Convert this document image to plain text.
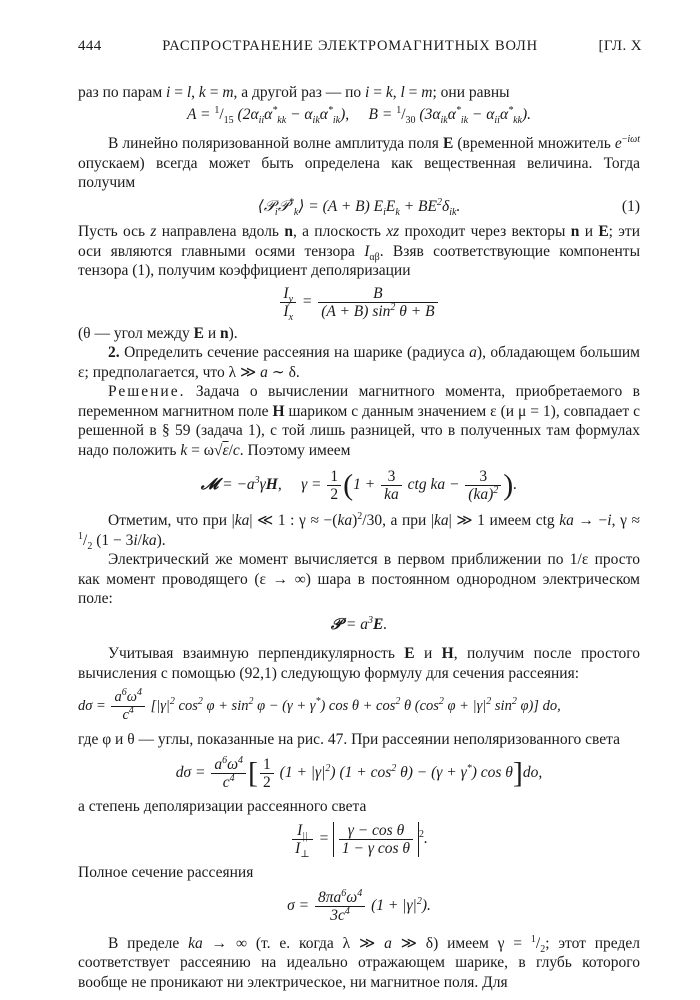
444	РАСПРОСТРАНЕНИЕ ЭЛЕКТРОМАГНИТНЫХ ВОЛН	[ГЛ. X

раз по парам i = l, k = m, а другой раз — по i = k, l = m; они равны

$A = ^1/_{15}$ $(2\alpha_{ii}\alpha^*_{kk} - \alpha_{ik}\alpha^*_{ik})$,     $B = ^1/_{30}$ $(3\alpha_{ik}\alpha^*_{ik} - \alpha_{ii}\alpha^*_{kk})$.

В линейно поляризованной волне амплитуда поля E (временной множитель $e^{-i\omega t}$ опускаем) всегда может быть определена как вещественная величина. Тогда получим

⟨𝒫$_i$𝒫*$_k$⟩ = (A + B) $E_iE_k + BE^2\delta_{ik}$.	(1)

Пусть ось z направлена вдоль n, а плоскость xz проходит через векторы n и E; эти оси являются главными осями тензора $I_{\alpha\beta}$. Взяв соответствующие компоненты тензора (1), получим коэффициент деполяризации

$\frac{I_y}{I_x} = \frac{B}{(A + B) \sin^2 \theta + B}$

(θ — угол между E и n).

2. Определить сечение рассеяния на шарике (радиуса a), обладающем большим ε; предполагается, что λ ≫ a ∼ δ.

Решение. Задача о вычислении магнитного момента, приобретаемого в переменном магнитном поле H шариком с данным значением ε (и μ = 1), совпадает с решенной в § 59 (задача 1), с той лишь разницей, что в полученных там формулах надо положить k = ω√ε/c. Поэтому имеем

𝓜 = $-a^3\gamma H$,     $\gamma = \frac{1}{2} (1 + \frac{3}{ka}$ ctg ka − $\frac{3}{(ka)^2}$ ).

Отметим, что при |ka| ≪ 1 : γ ≈ −(ka)$^2$/30, а при |ka| ≫ 1 имеем ctg ka → −i, $\gamma \approx ^1/_2$ (1 − 3i/ka).

Электрический же момент вычисляется в первом приближении по 1/ε просто как момент проводящего (ε → ∞) шара в постоянном однородном электрическом поле:

𝒫 = $a^3E$.

Учитывая взаимную перпендикулярность E и H, получим после простого вычисления с помощью (92,1) следующую формулу для сечения рассеяния:

$d\sigma = \frac{a^6\omega^4}{c^4} [|\gamma|^2$ $\cos^2 \varphi + \sin^2 \varphi - (\gamma + \gamma^*)$ $\cos \theta + \cos^2 \theta$ ($\cos^2$ $\varphi + |\gamma|^2$ $\sin^2 \varphi$)] do,

где φ и θ — углы, показанные на рис. 47. При рассеянии неполяризованного света

$d\sigma = \frac{a^6\omega^4}{c^4}$ [ $\frac{1}{2} (1 + |\gamma|^2) (1 + \cos^2 \theta) - (\gamma + \gamma^*)$ cos θ]do,

а степень деполяризации рассеянного света

$\frac{I_{||}}{I_\perp} = \frac{\text{γ − cos θ}}{\text{1 − γ cos θ}} ^2$.

Полное сечение рассеяния

$\sigma = \frac{8\pi a^6\omega^4}{3c^4} (1 + |\gamma|^2)$.

В пределе ka → ∞ (т. е. когда λ ≫ a ≫ δ) имеем $\gamma = ^1/_2$; этот предел соответствует рассеянию на идеально отражающем шарике, в глубь которого вообще не проникают ни электрическое, ни магнитное поля. Для
